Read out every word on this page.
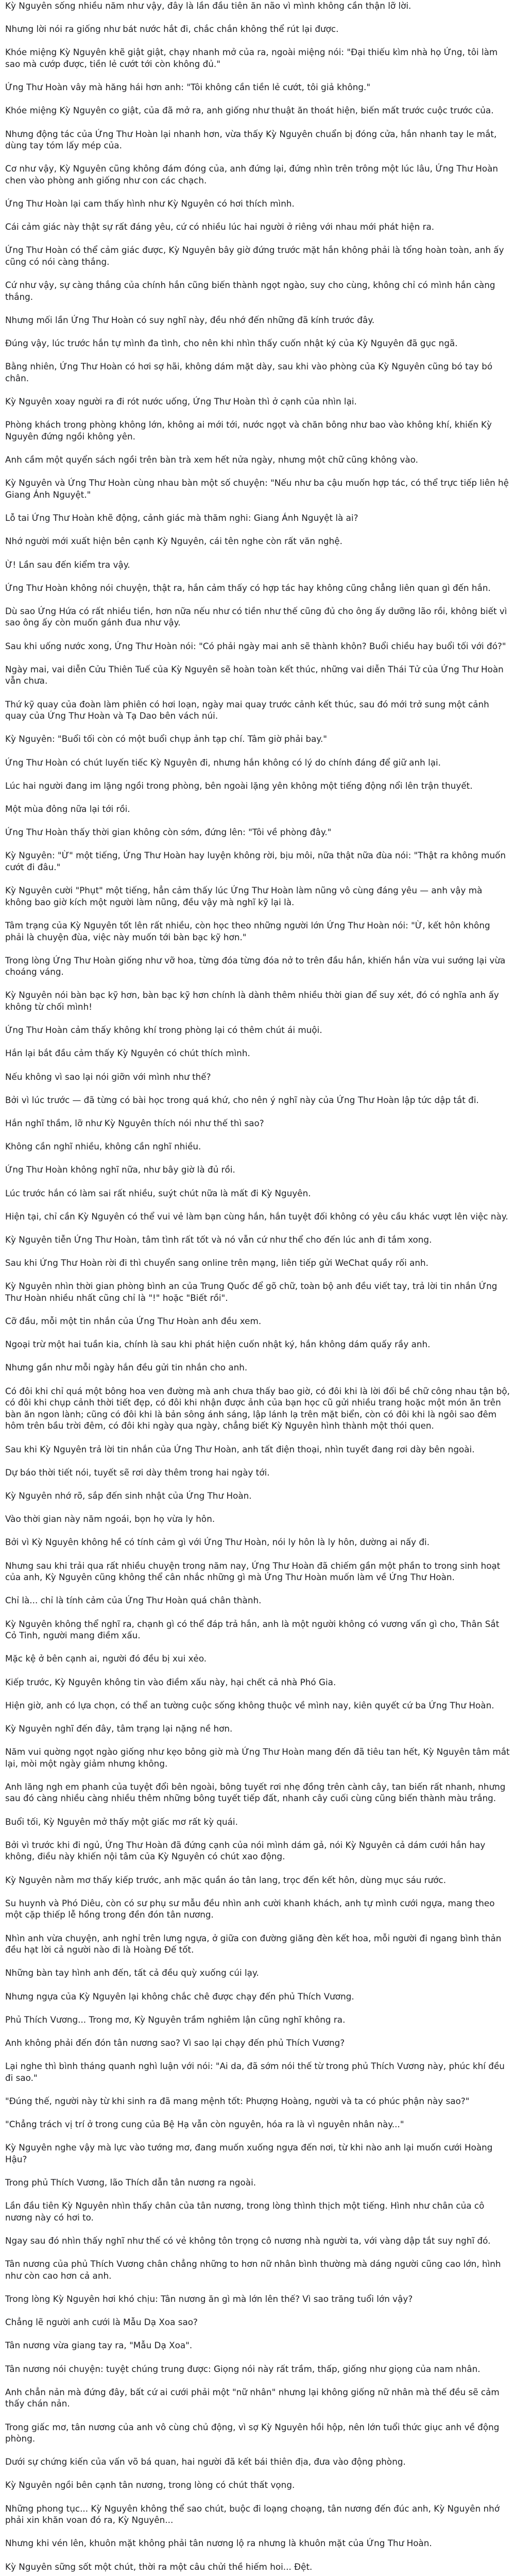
Kỳ Nguyên sống nhiều năm như vậy, đây là lần đầu tiên ăn não vì mình không cần thận lỡ lời.

Nhưng lời nói ra giống như bát nước hắt đi, chắc chắn không thể rút lại được.

Khóe miệng Kỳ Nguyên khẽ giật giật, chạy nhanh mở của ra, ngoài miệng nói: "Đại thiếu kìm nhà họ Ứng, tôi làm sao mà cướp được, tiền lẻ cướt tới còn không đủ."

Ứng Thư Hoàn vây mà hăng hái hơn anh: "Tôi không cần tiền lẻ cướt, tôi giả không."

Khóe miệng Kỳ Nguyên co giật, của đã mở ra, anh giống như thuật ăn thoát hiện, biến mất trước cuộc trước của.

Nhưng động tác của Ứng Thư Hoàn lại nhanh hơn, vừa thấy Kỳ Nguyên chuẩn bị đóng cửa, hắn nhanh tay le mắt, dùng tay tóm lấy mép của.

Cơ như vậy, Kỳ Nguyên cũng không đám đóng của, anh đứng lại, đứng nhìn trên trông một lúc lâu, Ứng Thư Hoàn chen vào phòng anh giống như con các chạch.

Ứng Thư Hoàn lại cam thấy hình như Kỳ Nguyên có hơi thích mình.

Cái cảm giác này thật sự rất đáng yêu, cứ có nhiều lúc hai người ở riêng với nhau mới phát hiện ra.

Ứng Thư Hoàn có thể cảm giác được, Kỳ Nguyên bây giờ đứng trước mặt hắn không phải là tổng hoàn toàn, anh ấy cũng có nói càng thắng.

Cứ như vậy, sự càng thắng của chính hắn cũng biến thành ngọt ngào, suy cho cùng, không chỉ có mình hắn càng thắng.

Nhưng mối lần Ứng Thư Hoàn có suy nghĩ này, đều nhớ đến những đã kính trước đây.

Đúng vậy, lúc trước hắn tự mình đa tình, cho nên khi nhìn thấy cuốn nhật ký của Kỳ Nguyên đã gục ngã.

Bằng nhiên, Ứng Thư Hoàn có hơi sợ hãi, không dám mặt dày, sau khi vào phòng của Kỳ Nguyên cũng bó tay bó chân.

Kỳ Nguyên xoay người ra đi rót nước uống, Ứng Thư Hoàn thì ở cạnh của nhìn lại.

Phòng khách trong phòng không lớn, không ai mới tới, nước ngọt và chăn bông như bao vào không khí, khiến Kỳ Nguyên đứng ngồi không yên.

Anh cầm một quyển sách ngồi trên bàn trà xem hết nửa ngày, nhưng một chữ cũng không vào.

Kỳ Nguyên và Ứng Thư Hoàn cùng nhau bàn một số chuyện: "Nếu như ba cậu muốn hợp tác, có thể trực tiếp liên hệ Giang Ánh Nguyệt."

Lỗ tai Ứng Thư Hoàn khẽ động, cảnh giác mà thăm nghi: Giang Ánh Nguyệt là ai?

Nhớ người mới xuất hiện bên cạnh Kỳ Nguyên, cái tên nghe còn rất văn nghệ.

Ừ! Lần sau đến kiểm tra vậy.

Ứng Thư Hoàn không nói chuyện, thật ra, hắn cảm thấy có hợp tác hay không cũng chẳng liên quan gì đến hắn.

Dù sao Ứng Hứa có rất nhiều tiền, hơn nữa nếu như có tiền như thế cũng đủ cho ông ấy dưỡng lão rồi, không biết vì sao ông ấy còn muốn gánh đua như vậy.

Sau khi uống nước xong, Ứng Thư Hoàn nói: "Có phải ngày mai anh sẽ thành khôn? Buổi chiều hay buổi tối với đó?"

Ngày mai, vai diễn Cửu Thiên Tuế của Kỳ Nguyên sẽ hoàn toàn kết thúc, những vai diễn Thái Tử của Ứng Thư Hoàn vẫn chưa.

Thứ kỹ quay của đoàn làm phiên có hơi loạn, ngày mai quay trước cảnh kết thúc, sau đó mới trở sung một cảnh quay của Ứng Thư Hoàn và Tạ Dao bên vách núi.

Kỳ Nguyên: "Buổi tối còn có một buổi chụp ảnh tạp chí. Tâm giờ phải bay."

Ứng Thư Hoàn có chút luyến tiếc Kỳ Nguyên đi, nhưng hắn không có lý do chính đáng để giữ anh lại.

Lúc hai người đang im lặng ngồi trong phòng, bên ngoài lặng yên không một tiếng động nổi lên trận thuyết.

Một mùa đông nữa lại tới rồi.

Ứng Thư Hoàn thấy thời gian không còn sớm, đứng lên: "Tôi về phòng đây."

Kỳ Nguyên: "Ừ" một tiếng, Ứng Thư Hoàn hay luyện không rời, bịu môi, nữa thật nữa đùa nói: "Thật ra không muốn cướt đi đâu."

Kỳ Nguyên cười "Phụt" một tiếng, hẳn cảm thấy lúc Ứng Thư Hoàn làm nũng vô cùng đáng yêu — anh vậy mà không bao giờ kích một người làm nũng, đều vậy mà nghĩ kỹ lại là.

Tâm trạng của Kỳ Nguyên tốt lên rất nhiều, còn học theo những người lớn Ứng Thư Hoàn nói: "Ừ, kết hôn không phải là chuyện đùa, việc này muốn tới bàn bạc kỹ hơn."

Trong lòng Ứng Thư Hoàn giống như vỡ hoa, từng đóa từng đóa nở to trên đầu hắn, khiến hắn vừa vui sướng lại vừa choáng váng.

Kỳ Nguyên nói bàn bạc kỹ hơn, bàn bạc kỹ hơn chính là dành thêm nhiều thời gian để suy xét, đó có nghĩa anh ấy không từ chối mình!

Ứng Thư Hoàn cảm thấy không khí trong phòng lại có thêm chút ái muội.

Hắn lại bắt đầu cảm thấy Kỳ Nguyên có chút thích mình.

Nếu không vì sao lại nói giỡn với mình như thế?

Bởi vì lúc trước — đã từng có bài học trong quá khứ, cho nên ý nghĩ này của Ứng Thư Hoàn lập tức dập tắt đi.

Hắn nghĩ thầm, lỡ như Kỳ Nguyên thích nói như thế thì sao?

Không cần nghĩ nhiều, không cần nghĩ nhiều.

Ứng Thư Hoàn không nghĩ nữa, như bây giờ là đủ rồi.

Lúc trước hắn có làm sai rất nhiều, suýt chút nữa là mất đi Kỳ Nguyên.

Hiện tại, chỉ cần Kỳ Nguyên có thể vui vẻ làm bạn cùng hắn, hắn tuyệt đối không có yêu cầu khác vượt lên việc này.

Kỳ Nguyên tiễn Ứng Thư Hoàn, tâm tình rất tốt và nó vẫn cứ như thể cho đến lúc anh đi tắm xong.

Sau khi Ứng Thư Hoàn rời đi thì chuyển sang online trên mạng, liên tiếp gửi WeChat quầy rối anh.

Kỳ Nguyên nhìn thời gian phòng bình an của Trung Quốc để gõ chữ, toàn bộ anh đều viết tay, trả lời tin nhắn Ứng Thư Hoàn nhiều nhất cũng chỉ là "!" hoặc "Biết rồi".

Cỡ đầu, mỗi một tin nhắn của Ứng Thư Hoàn anh đều xem.

Ngoại trừ một hai tuần kia, chính là sau khi phát hiện cuốn nhật ký, hắn không dám quấy rầy anh.

Nhưng gần như mỗi ngày hắn đều gửi tin nhắn cho anh.

Có đôi khi chỉ quá một bông hoa ven đường mà anh chưa thấy bao giờ, có đôi khi là lời đối bề chữ công nhau tận bộ, có đôi khi chụp cảnh thời tiết đẹp, có đôi khi nhận được ảnh của bạn học cũ gửi nhiều trang hoặc một món ăn trên bàn ăn ngon lành; cũng có đôi khi là bản sông ánh sáng, lập lánh lạ trên mặt biển, còn có đôi khi là ngôi sao đêm hôm trên bầu trời đêm, có đôi khi ngày qua ngày, chẳng biết Kỳ Nguyên hình thành một thói quen.

Sau khi Kỳ Nguyên trả lời tin nhắn của Ứng Thư Hoàn, anh tất điện thoại, nhìn tuyết đang rơi dày bên ngoài.

Dự báo thời tiết nói, tuyết sẽ rơi dày thêm trong hai ngày tới.

Kỳ Nguyên nhớ rõ, sắp đến sinh nhật của Ứng Thư Hoàn.

Vào thời gian này năm ngoái, bọn họ vừa ly hôn.

Bởi vì Kỳ Nguyên không hề có tính cảm gì với Ứng Thư Hoàn, nói ly hôn là ly hôn, dường ai nấy đi.

Nhưng sau khi trải qua rất nhiều chuyện trong năm nay, Ứng Thư Hoàn đã chiếm gần một phần to trong sinh hoạt của anh, Kỳ Nguyên cũng không thể cân nhắc những gì mà Ứng Thư Hoàn muốn làm về Ứng Thư Hoàn.

Chỉ là... chỉ là tính cảm của Ứng Thư Hoàn quá chân thành.

Kỳ Nguyên không thể nghĩ ra, chạnh gì có thể đáp trả hắn, anh là một người không có vương vấn gì cho, Thân Sắt Cỏ Tinh, người mang điềm xấu.

Mặc kệ ở bên cạnh ai, người đó đều bị xui xẻo.

Kiếp trước, Kỳ Nguyên không tin vào điềm xấu này, hại chết cả nhà Phó Gia.

Hiện giờ, anh có lựa chọn, có thể an tường cuộc sống không thuộc về mình nay, kiên quyết cứ ba Ứng Thư Hoàn.

Kỳ Nguyên nghĩ đến đây, tâm trạng lại nặng nề hơn.

Năm vui quờng ngọt ngào giống như kẹo bông giờ mà Ứng Thư Hoàn mang đến đã tiêu tan hết, Kỳ Nguyên tâm mắt lại, mòi một ngày giảm nhưng không.

Anh lăng ngh em phanh của tuyệt đổi bên ngoài, bông tuyết rơi nhẹ đồng trên cành cây, tan biến rất nhanh, nhưng sau đó càng nhiều càng nhiều thêm những bông tuyết tiếp đất, nhanh cây cuối cùng cũng biến thành màu trắng.

Buổi tối, Kỳ Nguyên mở thấy một giấc mơ rất kỳ quái.

Bởi vì trước khi đi ngủ, Ứng Thư Hoàn đã đứng cạnh của nói mình dám gả, nói Kỳ Nguyên cả dám cưới hắn hay không, điều này khiến nội tâm của Kỳ Nguyên có chút xao động.

Kỳ Nguyên nằm mơ thấy kiếp trước, anh mặc quần áo tân lang, trọc đến kết hôn, dùng mục sáu rước.

Su huynh và Phó Diêu, còn có sư phụ sư mẫu đều nhìn anh cười khanh khách, anh tự mình cưới ngựa, mang theo một cặp thiếp lễ hồng trong đền đón tân nương.

Nhìn anh vừa chuyện, anh nghỉ trên lưng ngựa, ở giữa con đường giăng đèn kết hoa, mỗi người đi ngang bình thản đều hạt lời cả người nào đi là Hoàng Đế tốt.

Những bàn tay hình anh đến, tất cả đều quỳ xuống cúi lạy.

Nhưng ngựa của Kỳ Nguyên lại không chắc chê được chạy đến phủ Thích Vương.

Phủ Thích Vương... Trong mơ, Kỳ Nguyên trầm nghiêm lận cũng nghĩ không ra.

Anh không phải đến đón tân nương sao? Vì sao lại chạy đến phủ Thích Vương?

Lại nghe thì bình tháng quanh nghì luận với nói: "Ai da, đã sớm nói thế từ trong phủ Thích Vương này, phúc khí đều đi sao."

"Đúng thế, người này từ khi sinh ra đã mang mệnh tốt: Phượng Hoàng, người và ta có phúc phận này sao?"

"Chẳng trách vị trí ở trong cung của Bệ Hạ vẫn còn nguyên, hóa ra là vì nguyên nhân này..."

Kỳ Nguyên nghe vậy mà lực vào tướng mơ, đang muốn xuống ngựa đến nơi, từ khi nào anh lại muốn cưới Hoàng Hậu?

Trong phủ Thích Vương, lão Thích dẫn tân nương ra ngoài.

Lần đầu tiên Kỳ Nguyên nhìn thấy chân của tân nương, trong lòng thình thịch một tiếng. Hình như chân của cô nương này có hơi to.

Ngay sau đó nhìn thấy nghĩ như thế có vẻ không tôn trọng cô nương nhà người ta, với vàng dập tắt suy nghĩ đó.

Tân nương của phủ Thích Vương chân chẳng những to hơn nữ nhân bình thường mà dáng người cũng cao lớn, hình như còn cao hơn cả anh.

Trong lòng Kỳ Nguyên hơi khó chịu: Tân nương ăn gì mà lớn lên thế? Vì sao trăng tuổi lớn vậy?

Chẳng lẽ người anh cưới là Mẫu Dạ Xoa sao?

Tân nương vừa giang tay ra, "Mẫu Dạ Xoa".

Tân nương nói chuyện: tuyệt chúng trung được: Giọng nói này rất trầm, thấp, giống như giọng của nam nhân.

Anh chẳn nản mà đứng đây, bất cứ ai cưới phải một "nữ nhân" nhưng lại không giống nữ nhân mà thế đều sẽ cảm thấy chán nản.

Trong giấc mơ, tân nương của anh vô cùng chủ động, vì sợ Kỳ Nguyên hồi hộp, nên lớn tuổi thức giục anh về động phòng.

Dưới sự chứng kiến của vấn võ bá quan, hai người đã kết bái thiên địa, đưa vào động phòng.

Kỳ Nguyên ngồi bên cạnh tân nương, trong lòng có chút thất vọng.

Những phong tục... Kỳ Nguyên không thể sao chút, buộc đi loạng choạng, tân nương đến đúc anh, Kỳ Nguyên nhớ phải xin khăn voan đó ra, Kỳ Nguyên...

Nhưng khi vén lên, khuôn mặt không phải tân nương lộ ra nhưng là khuôn mặt của Ứng Thư Hoàn.

Kỳ Nguyên sững sốt một chút, thời ra một câu chửi thề hiếm hoi... Đệt.
